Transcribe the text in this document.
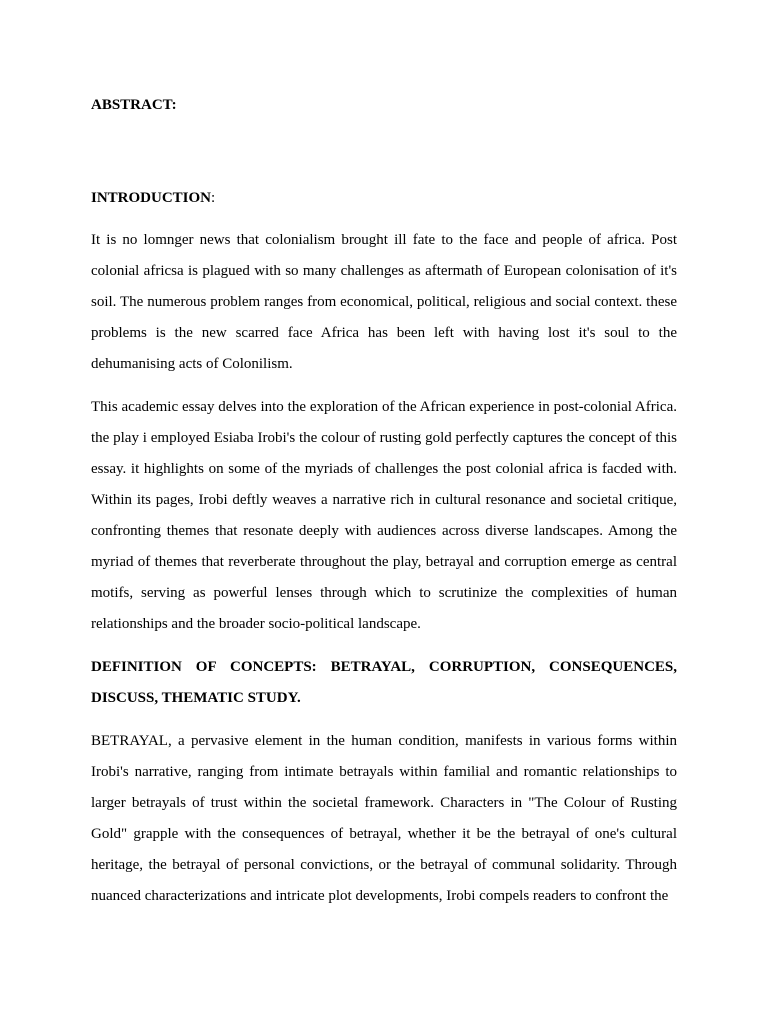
ABSTRACT:
INTRODUCTION:

It is no lomnger news that colonialism brought ill fate to the face and people of africa. Post colonial africsa is plagued with so many challenges as aftermath of European colonisation of it's soil. The numerous problem ranges from economical, political, religious and social context. these problems is the new scarred face Africa has been left with having lost it's soul to the dehumanising acts of Colonilism.

This academic essay delves into the exploration of the African experience in post-colonial Africa. the play i employed Esiaba Irobi's the colour of rusting gold perfectly captures the concept of this essay. it highlights on some of the myriads of challenges the post colonial africa is facded with. Within its pages, Irobi deftly weaves a narrative rich in cultural resonance and societal critique, confronting themes that resonate deeply with audiences across diverse landscapes. Among the myriad of themes that reverberate throughout the play, betrayal and corruption emerge as central motifs, serving as powerful lenses through which to scrutinize the complexities of human relationships and the broader socio-political landscape.

DEFINITION OF CONCEPTS: BETRAYAL, CORRUPTION, CONSEQUENCES, DISCUSS, THEMATIC STUDY.

BETRAYAL, a pervasive element in the human condition, manifests in various forms within Irobi's narrative, ranging from intimate betrayals within familial and romantic relationships to larger betrayals of trust within the societal framework. Characters in "The Colour of Rusting Gold" grapple with the consequences of betrayal, whether it be the betrayal of one's cultural heritage, the betrayal of personal convictions, or the betrayal of communal solidarity. Through nuanced characterizations and intricate plot developments, Irobi compels readers to confront the
